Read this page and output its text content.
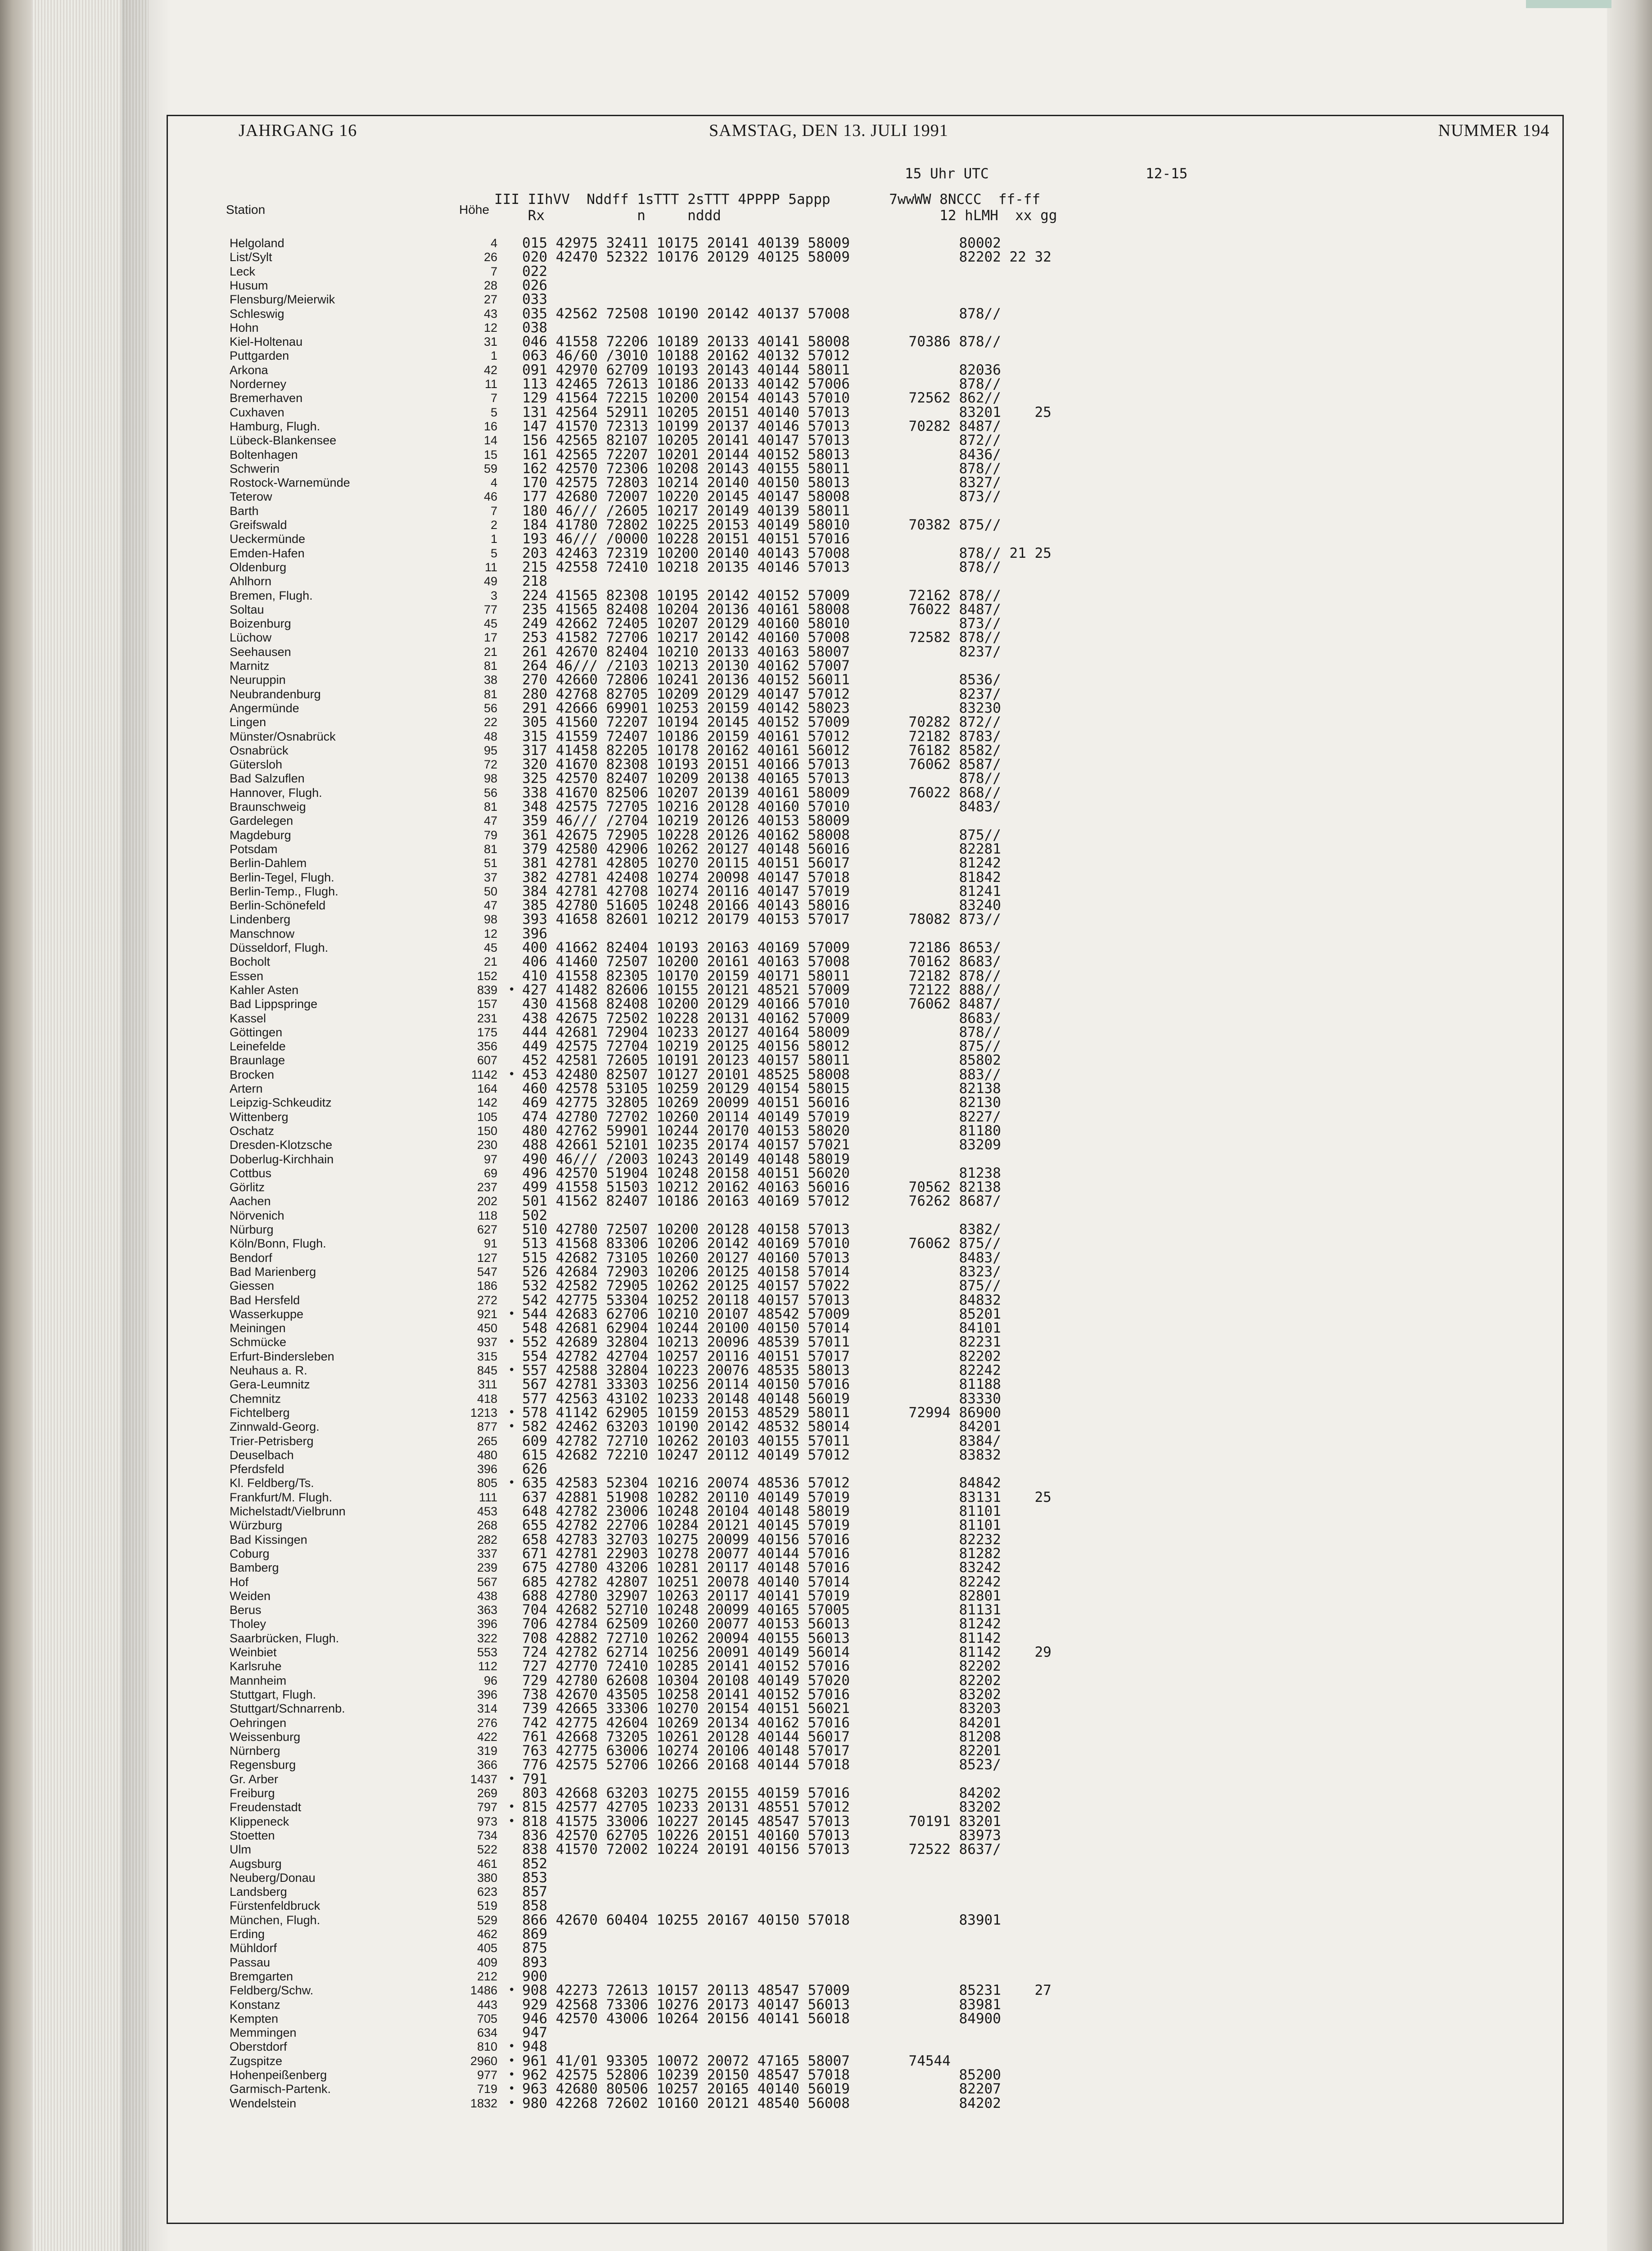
JAHRGANG 16	SAMSTAG, DEN 13. JULI 1991	NUMMER 194
15 Uhr UTC	12-15
III IIhVV  Nddff 1sTTT 2sTTT 4PPPP 5appp       7wwWW 8NCCC  ff-ff
Rx           n     nddd                          12 hLMH  xx gg
Station	Höhe
Helgoland	4 015 42975 32411 10175 20141 40139 58009             80002
List/Sylt	26 020 42470 52322 10176 20129 40125 58009             82202 22 32
Leck	7 022
Husum	28 026
Flensburg/Meierwik	27 033
Schleswig	43 035 42562 72508 10190 20142 40137 57008             878//
Hohn	12 038
Kiel-Holtenau	31 046 41558 72206 10189 20133 40141 58008       70386 878//
Puttgarden	1 063 46/60 /3010 10188 20162 40132 57012
Arkona	42 091 42970 62709 10193 20143 40144 58011             82036
Norderney	11 113 42465 72613 10186 20133 40142 57006             878//
Bremerhaven	7 129 41564 72215 10200 20154 40143 57010       72562 862//
Cuxhaven	5 131 42564 52911 10205 20151 40140 57013             83201    25
Hamburg, Flugh.	16 147 41570 72313 10199 20137 40146 57013       70282 8487/
Lübeck-Blankensee	14 156 42565 82107 10205 20141 40147 57013             872//
Boltenhagen	15 161 42565 72207 10201 20144 40152 58013             8436/
Schwerin	59 162 42570 72306 10208 20143 40155 58011             878//
Rostock-Warnemünde	4 170 42575 72803 10214 20140 40150 58013             8327/
Teterow	46 177 42680 72007 10220 20145 40147 58008             873//
Barth	7 180 46/// /2605 10217 20149 40139 58011
Greifswald	2 184 41780 72802 10225 20153 40149 58010       70382 875//
Ueckermünde	1 193 46/// /0000 10228 20151 40151 57016
Emden-Hafen	5 203 42463 72319 10200 20140 40143 57008             878// 21 25
Oldenburg	11 215 42558 72410 10218 20135 40146 57013             878//
Ahlhorn	49 218
Bremen, Flugh.	3 224 41565 82308 10195 20142 40152 57009       72162 878//
Soltau	77 235 41565 82408 10204 20136 40161 58008       76022 8487/
Boizenburg	45 249 42662 72405 10207 20129 40160 58010             873//
Lüchow	17 253 41582 72706 10217 20142 40160 57008       72582 878//
Seehausen	21 261 42670 82404 10210 20133 40163 58007             8237/
Marnitz	81 264 46/// /2103 10213 20130 40162 57007
Neuruppin	38 270 42660 72806 10241 20136 40152 56011             8536/
Neubrandenburg	81 280 42768 82705 10209 20129 40147 57012             8237/
Angermünde	56 291 42666 69901 10253 20159 40142 58023             83230
Lingen	22 305 41560 72207 10194 20145 40152 57009       70282 872//
Münster/Osnabrück	48 315 41559 72407 10186 20159 40161 57012       72182 8783/
Osnabrück	95 317 41458 82205 10178 20162 40161 56012       76182 8582/
Gütersloh	72 320 41670 82308 10193 20151 40166 57013       76062 8587/
Bad Salzuflen	98 325 42570 82407 10209 20138 40165 57013             878//
Hannover, Flugh.	56 338 41670 82506 10207 20139 40161 58009       76022 868//
Braunschweig	81 348 42575 72705 10216 20128 40160 57010             8483/
Gardelegen	47 359 46/// /2704 10219 20126 40153 58009
Magdeburg	79 361 42675 72905 10228 20126 40162 58008             875//
Potsdam	81 379 42580 42906 10262 20127 40148 56016             82281
Berlin-Dahlem	51 381 42781 42805 10270 20115 40151 56017             81242
Berlin-Tegel, Flugh.	37 382 42781 42408 10274 20098 40147 57018             81842
Berlin-Temp., Flugh.	50 384 42781 42708 10274 20116 40147 57019             81241
Berlin-Schönefeld	47 385 42780 51605 10248 20166 40143 58016             83240
Lindenberg	98 393 41658 82601 10212 20179 40153 57017       78082 873//
Manschnow	12 396
Düsseldorf, Flugh.	45 400 41662 82404 10193 20163 40169 57009       72186 8653/
Bocholt	21 406 41460 72507 10200 20161 40163 57008       70162 8683/
Essen	152 410 41558 82305 10170 20159 40171 58011       72182 878//
Kahler Asten	839 • 427 41482 82606 10155 20121 48521 57009       72122 888//
Bad Lippspringe	157 430 41568 82408 10200 20129 40166 57010       76062 8487/
Kassel	231 438 42675 72502 10228 20131 40162 57009             8683/
Göttingen	175 444 42681 72904 10233 20127 40164 58009             878//
Leinefelde	356 449 42575 72704 10219 20125 40156 58012             875//
Braunlage	607 452 42581 72605 10191 20123 40157 58011             85802
Brocken	1142 • 453 42480 82507 10127 20101 48525 58008             883//
Artern	164 460 42578 53105 10259 20129 40154 58015             82138
Leipzig-Schkeuditz	142 469 42775 32805 10269 20099 40151 56016             82130
Wittenberg	105 474 42780 72702 10260 20114 40149 57019             8227/
Oschatz	150 480 42762 59901 10244 20170 40153 58020             81180
Dresden-Klotzsche	230 488 42661 52101 10235 20174 40157 57021             83209
Doberlug-Kirchhain	97 490 46/// /2003 10243 20149 40148 58019
Cottbus	69 496 42570 51904 10248 20158 40151 56020             81238
Görlitz	237 499 41558 51503 10212 20162 40163 56016       70562 82138
Aachen	202 501 41562 82407 10186 20163 40169 57012       76262 8687/
Nörvenich	118 502
Nürburg	627 510 42780 72507 10200 20128 40158 57013             8382/
Köln/Bonn, Flugh.	91 513 41568 83306 10206 20142 40169 57010       76062 875//
Bendorf	127 515 42682 73105 10260 20127 40160 57013             8483/
Bad Marienberg	547 526 42684 72903 10206 20125 40158 57014             8323/
Giessen	186 532 42582 72905 10262 20125 40157 57022             875//
Bad Hersfeld	272 542 42775 53304 10252 20118 40157 57013             84832
Wasserkuppe	921 • 544 42683 62706 10210 20107 48542 57009             85201
Meiningen	450 548 42681 62904 10244 20100 40150 57014             84101
Schmücke	937 • 552 42689 32804 10213 20096 48539 57011             82231
Erfurt-Bindersleben	315 554 42782 42704 10257 20116 40151 57017             82202
Neuhaus a. R.	845 • 557 42588 32804 10223 20076 48535 58013             82242
Gera-Leumnitz	311 567 42781 33303 10256 20114 40150 57016             81188
Chemnitz	418 577 42563 43102 10233 20148 40148 56019             83330
Fichtelberg	1213 • 578 41142 62905 10159 20153 48529 58011       72994 86900
Zinnwald-Georg.	877 • 582 42462 63203 10190 20142 48532 58014             84201
Trier-Petrisberg	265 609 42782 72710 10262 20103 40155 57011             8384/
Deuselbach	480 615 42682 72210 10247 20112 40149 57012             83832
Pferdsfeld	396 626
Kl. Feldberg/Ts.	805 • 635 42583 52304 10216 20074 48536 57012             84842
Frankfurt/M. Flugh.	111 637 42881 51908 10282 20110 40149 57019             83131    25
Michelstadt/Vielbrunn	453 648 42782 23006 10248 20104 40148 58019             81101
Würzburg	268 655 42782 22706 10284 20121 40145 57019             81101
Bad Kissingen	282 658 42783 32703 10275 20099 40156 57016             82232
Coburg	337 671 42781 22903 10278 20077 40144 57016             81282
Bamberg	239 675 42780 43206 10281 20117 40148 57016             83242
Hof	567 685 42782 42807 10251 20078 40140 57014             82242
Weiden	438 688 42780 32907 10263 20117 40141 57019             82801
Berus	363 704 42682 52710 10248 20099 40165 57005             81131
Tholey	396 706 42784 62509 10260 20077 40153 56013             81242
Saarbrücken, Flugh.	322 708 42882 72710 10262 20094 40155 56013             81142
Weinbiet	553 724 42782 62714 10256 20091 40149 56014             81142    29
Karlsruhe	112 727 42770 72410 10285 20141 40152 57016             82202
Mannheim	96 729 42780 62608 10304 20108 40149 57020             82202
Stuttgart, Flugh.	396 738 42670 43505 10258 20141 40152 57016             83202
Stuttgart/Schnarrenb.	314 739 42665 33306 10270 20154 40151 56021             83203
Oehringen	276 742 42775 42604 10269 20134 40162 57016             84201
Weissenburg	422 761 42668 73205 10261 20128 40144 56017             81208
Nürnberg	319 763 42775 63006 10274 20106 40148 57017             82201
Regensburg	366 776 42575 52706 10266 20168 40144 57018             8523/
Gr. Arber	1437 • 791
Freiburg	269 803 42668 63203 10275 20155 40159 57016             84202
Freudenstadt	797 • 815 42577 42705 10233 20131 48551 57012             83202
Klippeneck	973 • 818 41575 33006 10227 20145 48547 57013       70191 83201
Stoetten	734 836 42570 62705 10226 20151 40160 57013             83973
Ulm	522 838 41570 72002 10224 20191 40156 57013       72522 8637/
Augsburg	461 852
Neuberg/Donau	380 853
Landsberg	623 857
Fürstenfeldbruck	519 858
München, Flugh.	529 866 42670 60404 10255 20167 40150 57018             83901
Erding	462 869
Mühldorf	405 875
Passau	409 893
Bremgarten	212 900
Feldberg/Schw.	1486 • 908 42273 72613 10157 20113 48547 57009             85231    27
Konstanz	443 929 42568 73306 10276 20173 40147 56013             83981
Kempten	705 946 42570 43006 10264 20156 40141 56018             84900
Memmingen	634 947
Oberstdorf	810 • 948
Zugspitze	2960 • 961 41/01 93305 10072 20072 47165 58007       74544
Hohenpeißenberg	977 • 962 42575 52806 10239 20150 48547 57018             85200
Garmisch-Partenk.	719 • 963 42680 80506 10257 20165 40140 56019             82207
Wendelstein	1832 • 980 42268 72602 10160 20121 48540 56008             84202
